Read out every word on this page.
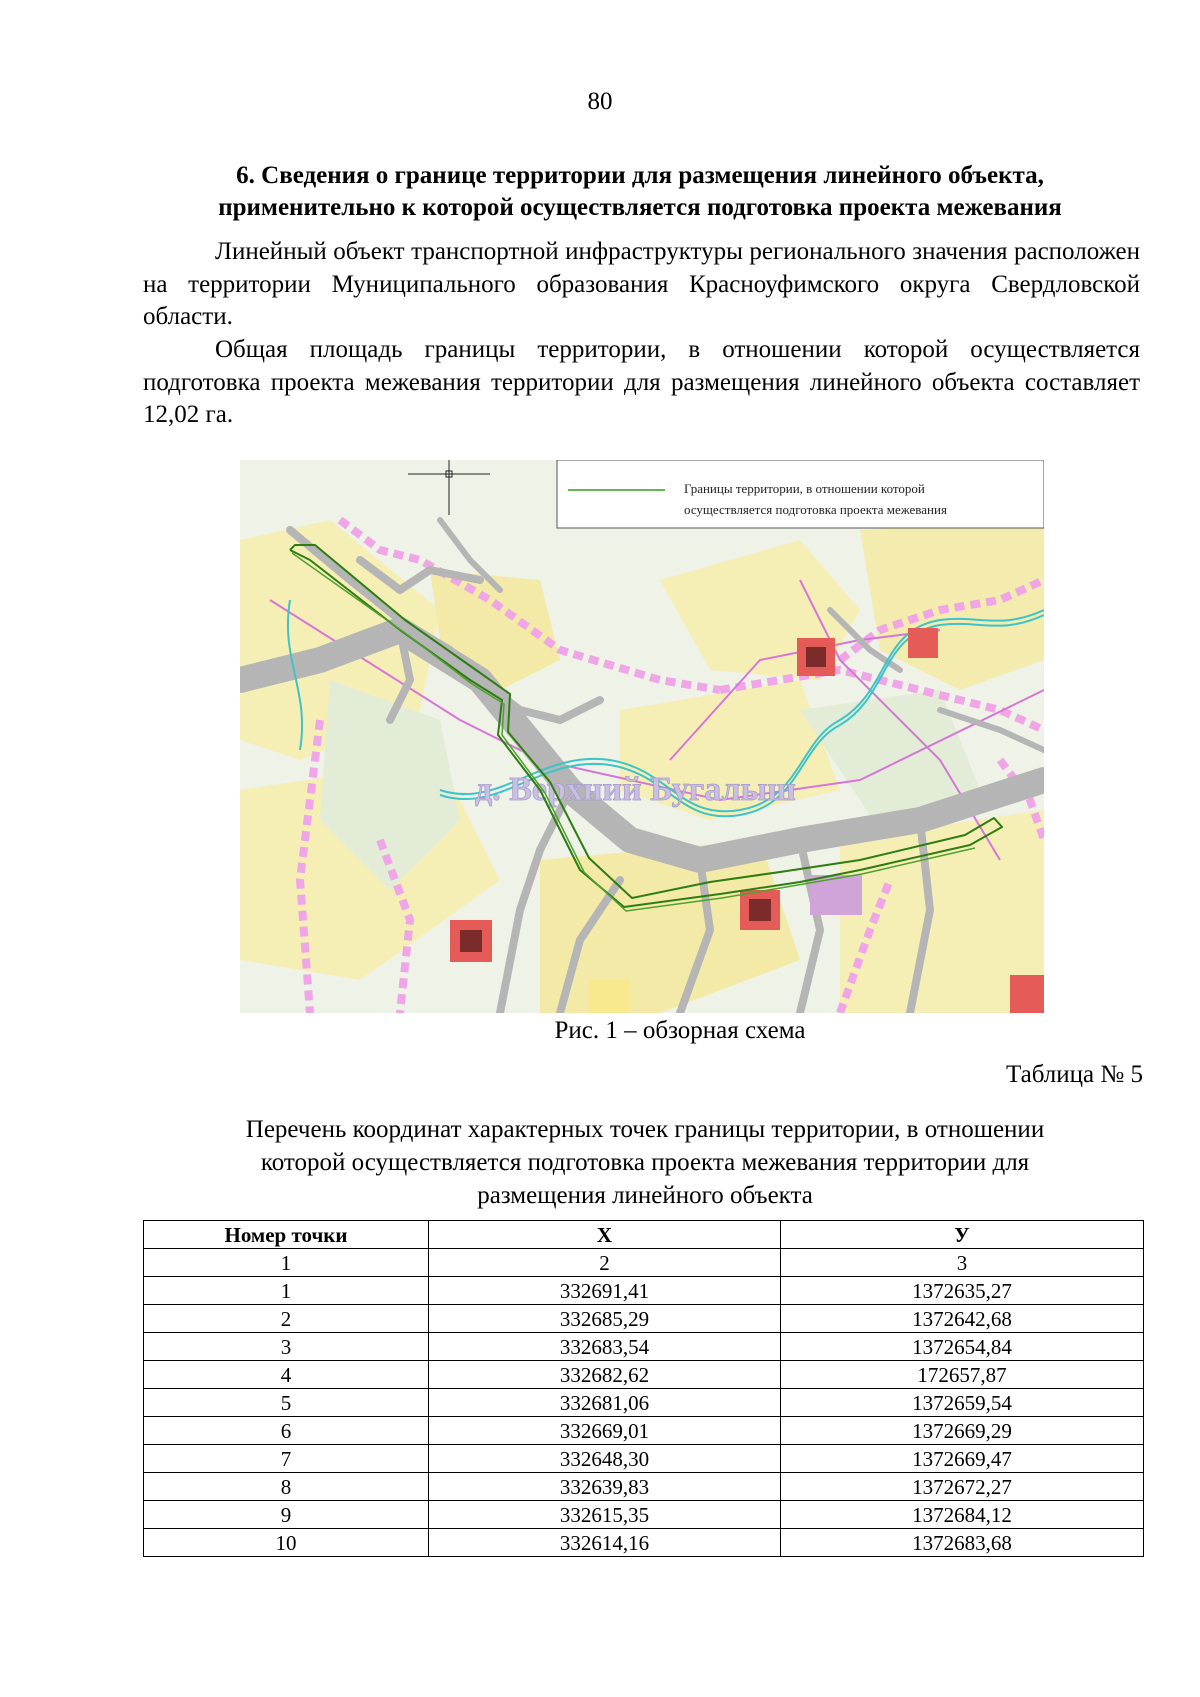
80
6. Сведения о границе территории для размещения линейного объекта,
применительно к которой осуществляется подготовка проекта межевания

Линейный объект транспортной инфраструктуры регионального значения расположен на территории Муниципального образования Красноуфимского округа Свердловской области.

Общая площадь границы территории, в отношении которой осуществляется подготовка проекта межевания территории для размещения линейного объекта составляет 12,02 га.

Границы территории, в отношении которой
осуществляется подготовка проекта межевания
д. Верхний Бугалыш
Рис. 1 – обзорная схема
Таблица № 5
Перечень координат характерных точек границы территории, в отношении
которой осуществляется подготовка проекта межевания территории для
размещения линейного объекта
Номер точки	X	У
1	2	3
1	332691,41	1372635,27
2	332685,29	1372642,68
3	332683,54	1372654,84
4	332682,62	172657,87
5	332681,06	1372659,54
6	332669,01	1372669,29
7	332648,30	1372669,47
8	332639,83	1372672,27
9	332615,35	1372684,12
10	332614,16	1372683,68
